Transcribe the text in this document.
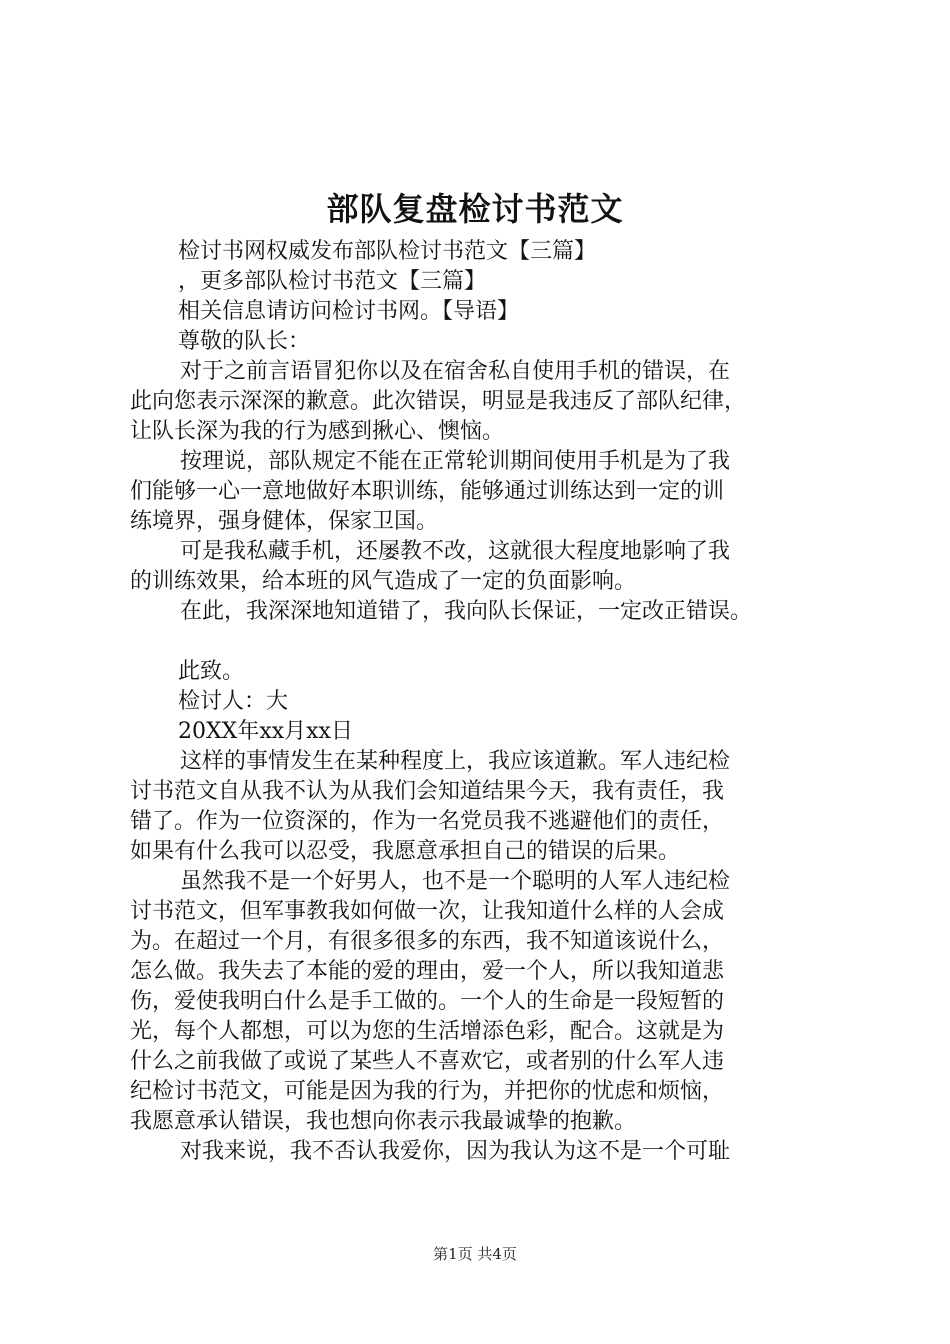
部队复盘检讨书范文

检讨书网权威发布部队检讨书范文【三篇】

，更多部队检讨书范文【三篇】

相关信息请访问检讨书网。【导语】

尊敬的队长：

对于之前言语冒犯你以及在宿舍私自使用手机的错误，在
此向您表示深深的歉意。此次错误，明显是我违反了部队纪律，
让队长深为我的行为感到揪心、懊恼。

按理说，部队规定不能在正常轮训期间使用手机是为了我
们能够一心一意地做好本职训练，能够通过训练达到一定的训
练境界，强身健体，保家卫国。

可是我私藏手机，还屡教不改，这就很大程度地影响了我
的训练效果，给本班的风气造成了一定的负面影响。

在此，我深深地知道错了，我向队长保证，一定改正错误。

此致。

检讨人：大

20XX年xx月xx日

这样的事情发生在某种程度上，我应该道歉。军人违纪检
讨书范文自从我不认为从我们会知道结果今天，我有责任，我
错了。作为一位资深的，作为一名党员我不逃避他们的责任，
如果有什么我可以忍受，我愿意承担自己的错误的后果。

虽然我不是一个好男人，也不是一个聪明的人军人违纪检
讨书范文，但军事教我如何做一次，让我知道什么样的人会成
为。在超过一个月，有很多很多的东西，我不知道该说什么，
怎么做。我失去了本能的爱的理由，爱一个人，所以我知道悲
伤，爱使我明白什么是手工做的。一个人的生命是一段短暂的
光，每个人都想，可以为您的生活增添色彩，配合。这就是为
什么之前我做了或说了某些人不喜欢它，或者别的什么军人违
纪检讨书范文，可能是因为我的行为，并把你的忧虑和烦恼，
我愿意承认错误，我也想向你表示我最诚挚的抱歉。

对我来说，我不否认我爱你，因为我认为这不是一个可耻

第1页 共4页
